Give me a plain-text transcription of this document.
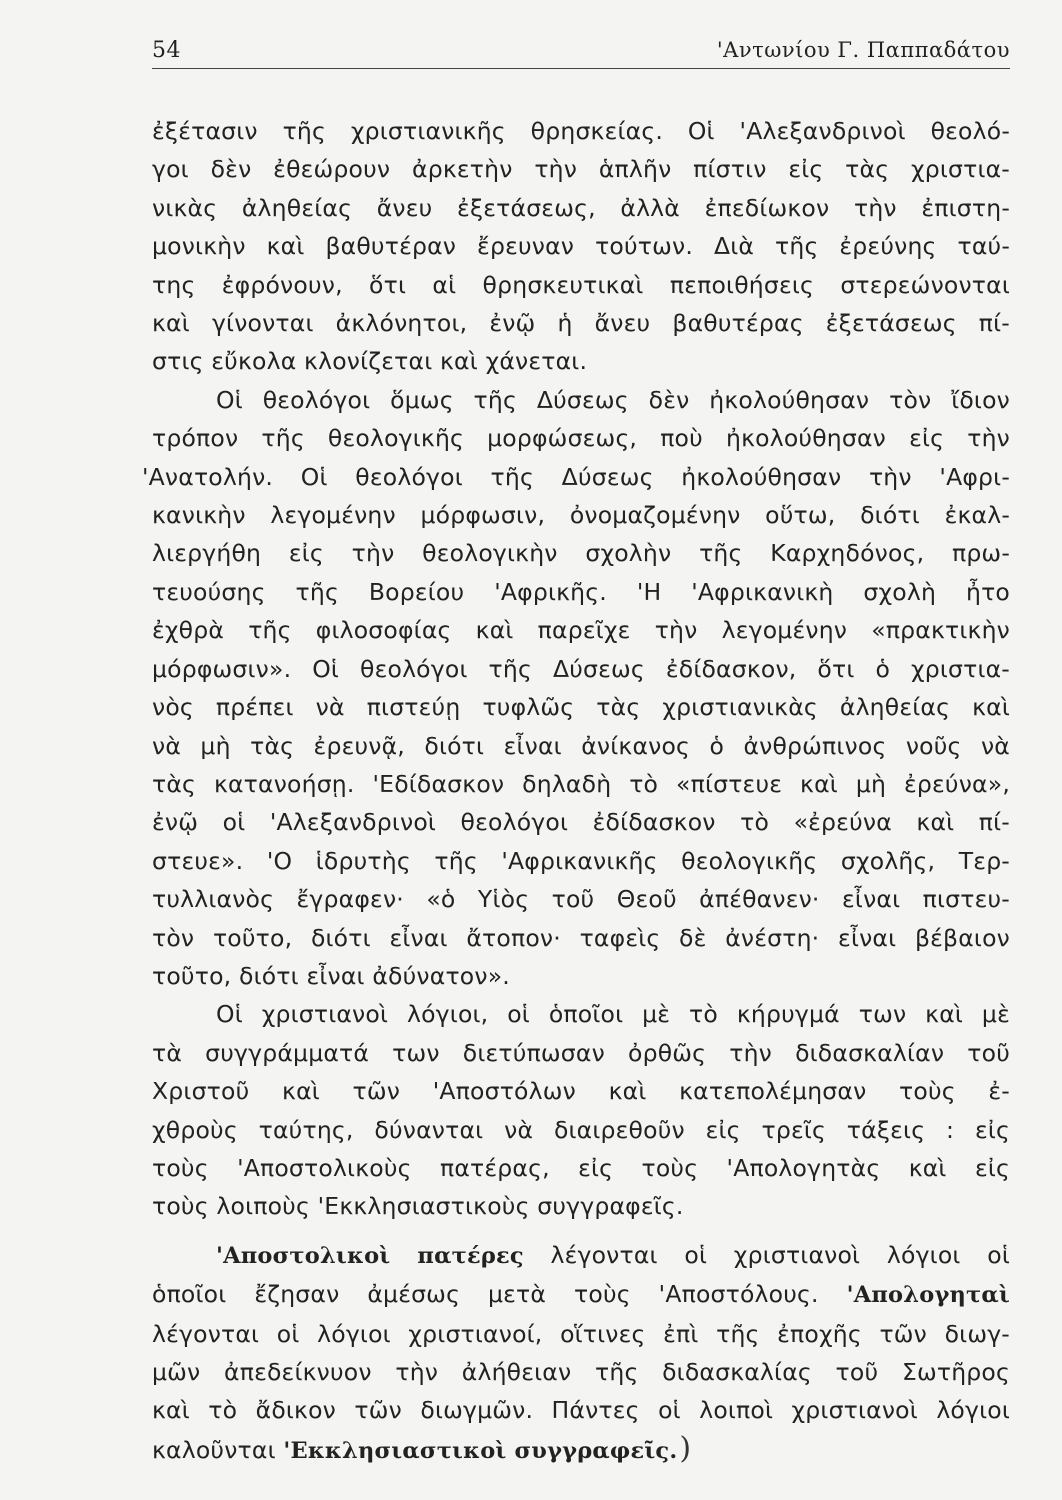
54	'Αντωνίου Γ. Παππαδάτου
ἐξέτασιν τῆς χριστιανικῆς θρησκείας. Οἱ 'Αλεξανδρινοὶ θεολό-
γοι δὲν ἐθεώρουν ἀρκετὴν τὴν ἁπλῆν πίστιν εἰς τὰς χριστια-
νικὰς ἀληθείας ἄνευ ἐξετάσεως, ἀλλὰ ἐπεδίωκον τὴν ἐπιστη-
μονικὴν καὶ βαθυτέραν ἔρευναν τούτων. Διὰ τῆς ἐρεύνης ταύ-
της ἐφρόνουν, ὅτι αἱ θρησκευτικαὶ πεποιθήσεις στερεώνονται
καὶ γίνονται ἀκλόνητοι, ἐνῷ ἡ ἄνευ βαθυτέρας ἐξετάσεως πί-
στις εὔκολα κλονίζεται καὶ χάνεται.
Οἱ θεολόγοι ὅμως τῆς Δύσεως δὲν ἠκολούθησαν τὸν ἴδιον
τρόπον τῆς θεολογικῆς μορφώσεως, ποὺ ἠκολούθησαν εἰς τὴν
'Ανατολήν. Οἱ θεολόγοι τῆς Δύσεως ἠκολούθησαν τὴν 'Αφρι-
κανικὴν λεγομένην μόρφωσιν, ὀνομαζομένην οὕτω, διότι ἐκαλ-
λιεργήθη εἰς τὴν θεολογικὴν σχολὴν τῆς Καρχηδόνος, πρω-
τευούσης τῆς Βορείου 'Αφρικῆς. 'Η 'Αφρικανικὴ σχολὴ ἦτο
ἐχθρὰ τῆς φιλοσοφίας καὶ παρεῖχε τὴν λεγομένην «πρακτικὴν
μόρφωσιν». Οἱ θεολόγοι τῆς Δύσεως ἐδίδασκον, ὅτι ὁ χριστια-
νὸς πρέπει νὰ πιστεύῃ τυφλῶς τὰς χριστιανικὰς ἀληθείας καὶ
νὰ μὴ τὰς ἐρευνᾷ, διότι εἶναι ἀνίκανος ὁ ἀνθρώπινος νοῦς νὰ
τὰς κατανοήσῃ. 'Εδίδασκον δηλαδὴ τὸ «πίστευε καὶ μὴ ἐρεύνα»,
ἐνῷ οἱ 'Αλεξανδρινοὶ θεολόγοι ἐδίδασκον τὸ «ἐρεύνα καὶ πί-
στευε». 'Ο ἱδρυτὴς τῆς 'Αφρικανικῆς θεολογικῆς σχολῆς, Τερ-
τυλλιανὸς ἔγραφεν· «ὁ Υἱὸς τοῦ Θεοῦ ἀπέθανεν· εἶναι πιστευ-
τὸν τοῦτο, διότι εἶναι ἄτοπον· ταφεὶς δὲ ἀνέστη· εἶναι βέβαιον
τοῦτο, διότι εἶναι ἀδύνατον».
Οἱ χριστιανοὶ λόγιοι, οἱ ὁποῖοι μὲ τὸ κήρυγμά των καὶ μὲ
τὰ συγγράμματά των διετύπωσαν ὀρθῶς τὴν διδασκαλίαν τοῦ
Χριστοῦ καὶ τῶν 'Αποστόλων καὶ κατεπολέμησαν τοὺς ἐ-
χθροὺς ταύτης, δύνανται νὰ διαιρεθοῦν εἰς τρεῖς τάξεις : εἰς
τοὺς 'Αποστολικοὺς πατέρας, εἰς τοὺς 'Απολογητὰς καὶ εἰς
τοὺς λοιποὺς 'Εκκλησιαστικοὺς συγγραφεῖς.
'Αποστολικοὶ πατέρες λέγονται οἱ χριστιανοὶ λόγιοι οἱ
ὁποῖοι ἔζησαν ἀμέσως μετὰ τοὺς 'Αποστόλους. 'Απολογηταὶ
λέγονται οἱ λόγιοι χριστιανοί, οἵτινες ἐπὶ τῆς ἐποχῆς τῶν διωγ-
μῶν ἀπεδείκνυον τὴν ἀλήθειαν τῆς διδασκαλίας τοῦ Σωτῆρος
καὶ τὸ ἄδικον τῶν διωγμῶν. Πάντες οἱ λοιποὶ χριστιανοὶ λόγιοι
καλοῦνται 'Εκκλησιαστικοὶ συγγραφεῖς.)
